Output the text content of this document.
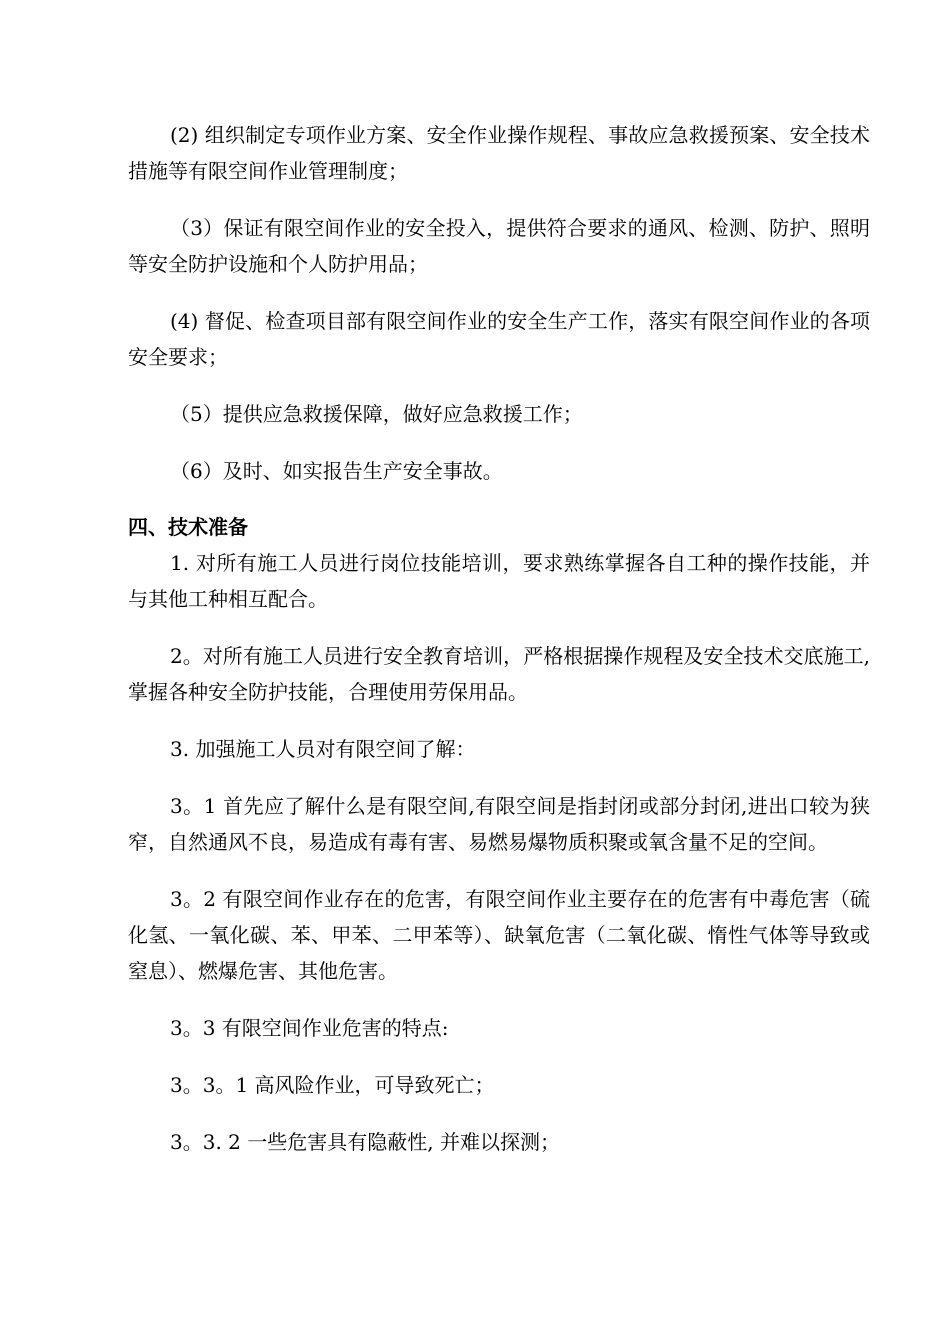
(2) 组织制定专项作业方案、安全作业操作规程、事故应急救援预案、安全技术措施等有限空间作业管理制度；

（3）保证有限空间作业的安全投入，提供符合要求的通风、检测、防护、照明等安全防护设施和个人防护用品；

(4) 督促、检查项目部有限空间作业的安全生产工作，落实有限空间作业的各项安全要求；

（5）提供应急救援保障，做好应急救援工作；

（6）及时、如实报告生产安全事故。

四、技术准备

1. 对所有施工人员进行岗位技能培训，要求熟练掌握各自工种的操作技能，并与其他工种相互配合。

2。对所有施工人员进行安全教育培训，严格根据操作规程及安全技术交底施工,掌握各种安全防护技能，合理使用劳保用品。

3. 加强施工人员对有限空间了解：

3。1 首先应了解什么是有限空间,有限空间是指封闭或部分封闭,进出口较为狭窄，自然通风不良，易造成有毒有害、易燃易爆物质积聚或氧含量不足的空间。

3。2 有限空间作业存在的危害，有限空间作业主要存在的危害有中毒危害（硫化氢、一氧化碳、苯、甲苯、二甲苯等）、缺氧危害（二氧化碳、惰性气体等导致或窒息）、燃爆危害、其他危害。

3。3 有限空间作业危害的特点:

3。3。1 高风险作业，可导致死亡；

3。3. 2 一些危害具有隐蔽性, 并难以探测；
